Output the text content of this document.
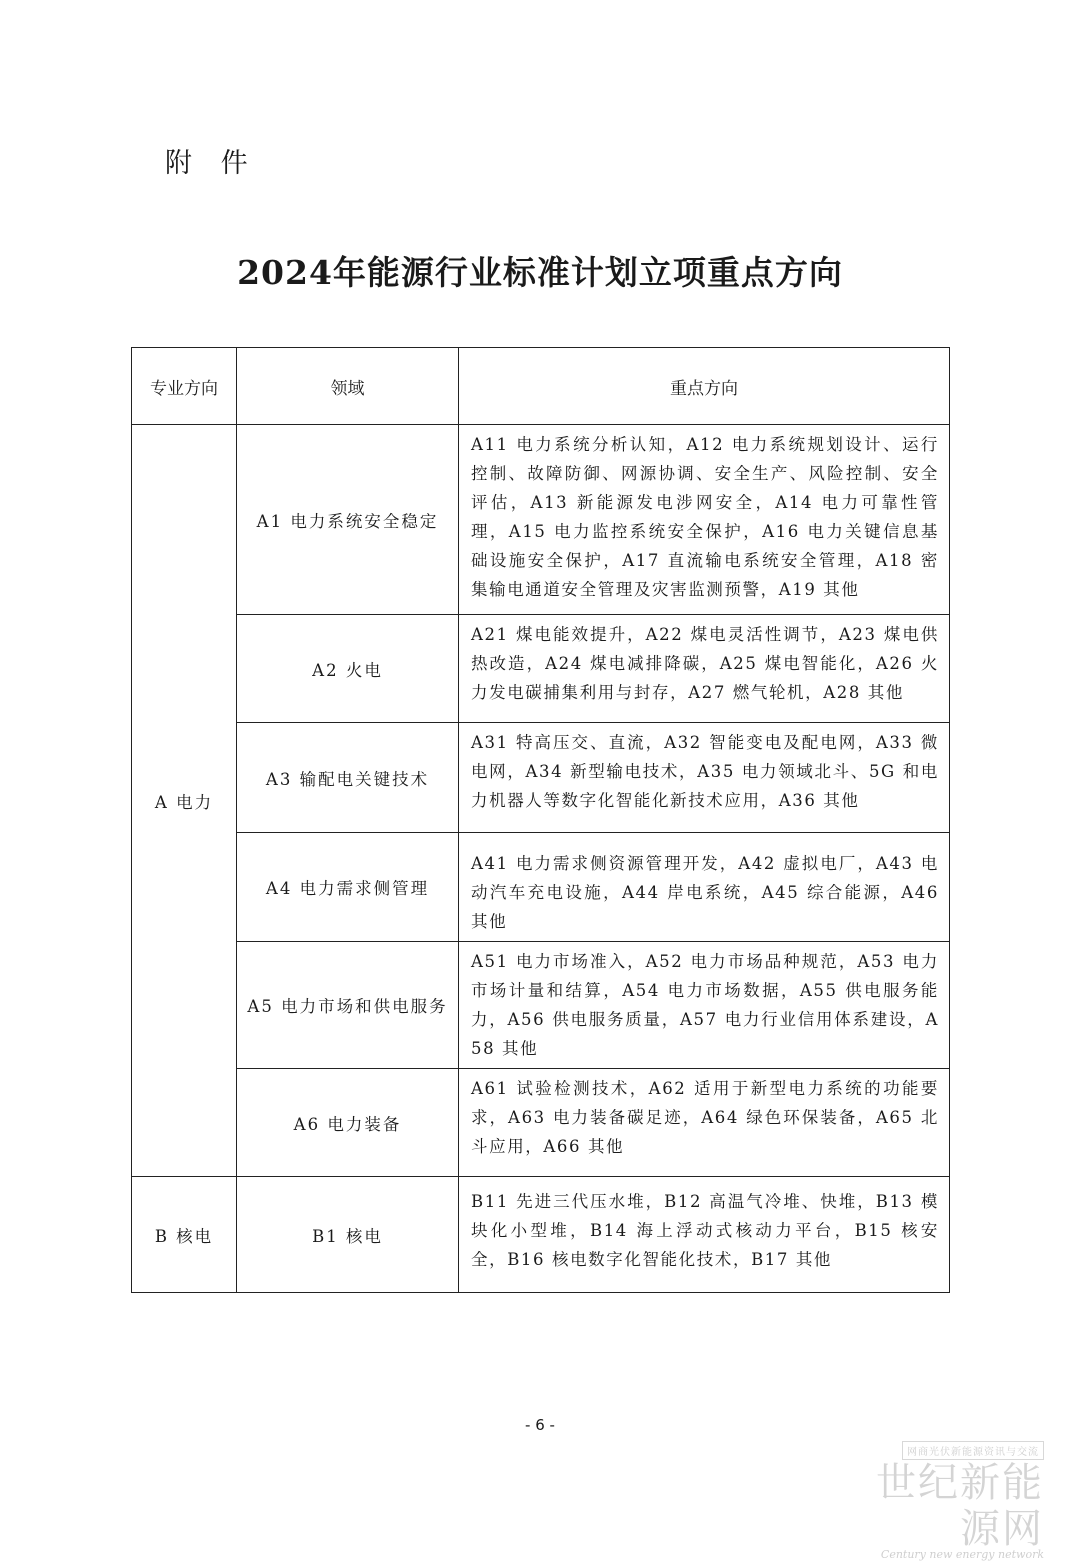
附 件
2024年能源行业标准计划立项重点方向
专业方向	领域	重点方向
A 电力	A1 电力系统安全稳定	A11 电力系统分析认知，A12 电力系统规划设计、运行控制、故障防御、网源协调、安全生产、风险控制、安全评估，A13 新能源发电涉网安全，A14 电力可靠性管理，A15 电力监控系统安全保护，A16 电力关键信息基础设施安全保护，A17 直流输电系统安全管理，A18 密集输电通道安全管理及灾害监测预警，A19 其他
	A2 火电	A21 煤电能效提升，A22 煤电灵活性调节，A23 煤电供热改造，A24 煤电减排降碳，A25 煤电智能化，A26 火力发电碳捕集利用与封存，A27 燃气轮机，A28 其他
	A3 输配电关键技术	A31 特高压交、直流，A32 智能变电及配电网，A33 微电网，A34 新型输电技术，A35 电力领域北斗、5G 和电力机器人等数字化智能化新技术应用，A36 其他
	A4 电力需求侧管理	A41 电力需求侧资源管理开发，A42 虚拟电厂，A43 电动汽车充电设施，A44 岸电系统，A45 综合能源，A46 其他
	A5 电力市场和供电服务	A51 电力市场准入，A52 电力市场品种规范，A53 电力市场计量和结算，A54 电力市场数据，A55 供电服务能力，A56 供电服务质量，A57 电力行业信用体系建设，A58 其他
	A6 电力装备	A61 试验检测技术，A62 适用于新型电力系统的功能要求，A63 电力装备碳足迹，A64 绿色环保装备，A65 北斗应用，A66 其他
B 核电	B1 核电	B11 先进三代压水堆，B12 高温气冷堆、快堆，B13 模块化小型堆，B14 海上浮动式核动力平台，B15 核安全，B16 核电数字化智能化技术，B17 其他
- 6 -
网商光伏新能源资讯与交流
世纪新能源网
Century new energy network
